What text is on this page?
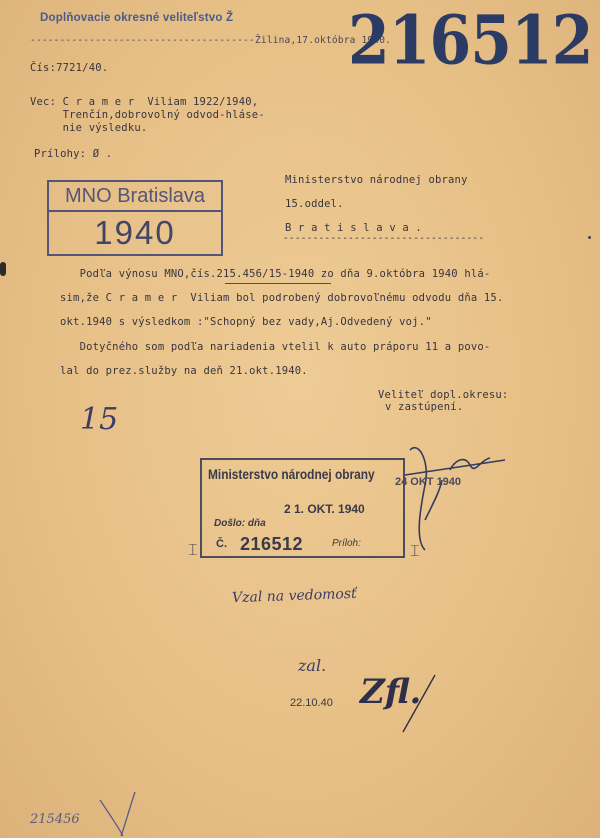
Doplňovacie okresné veliteľstvo Ž
--------------------------------------Žilina,17.októbra 1940.
216512
Čís:7721/40.
Vec: C r a m e r  Viliam 1922/1940,
Trenčín,dobrovolný odvod-hláse-
nie výsledku.
Prílohy: Ø .

MNO Bratislava

1940

Ministerstvo národnej obrany
15.oddel.
B r a t i s l a v a .
----------------------------------
Podľa výnosu MNO,čís.215.456/15-1940 zo dňa 9.októbra 1940 hlá-
sim,že C r a m e r  Viliam bol podrobený dobrovoľnému odvodu dňa 15.
okt.1940 s výsledkom :"Schopný bez vady,Aj.Odvedený voj."
Dotyčného som podľa nariadenia vtelil k auto práporu 11 a povo-
lal do prez.služby na deň 21.okt.1940.
Veliteľ dopl.okresu:
v zastúpení.
15

Ministerstvo národnej obrany

2 1. OKT. 1940

Došlo: dňa

Č.

216512

	Príloh:

24 OKT 1940
⌶	⌶
Vzal na vedomosť
zal.
22.10.40 Zfl.
215456
